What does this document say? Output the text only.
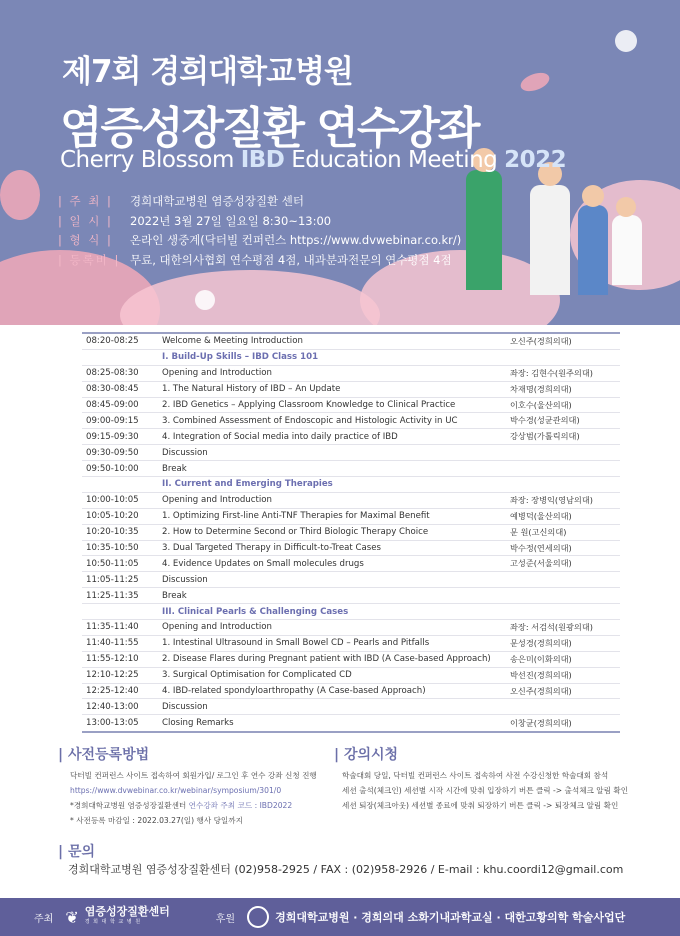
제7회 경희대학교병원
염증성장질환 연수강좌
Cherry Blossom IBD Education Meeting 2022
| 주 최 | 경희대학교병원 염증성장질환 센터
| 일 시 | 2022년 3월 27일 일요일 8:30~13:00
| 형 식 | 온라인 생중계(닥터빌 컨퍼런스 https://www.dvwebinar.co.kr/)
| 등록비 | 무료, 대한의사협회 연수평점 4점, 내과분과전문의 연수평점 4점
08:20-08:25	Welcome & Meeting Introduction	오신주(경희의대)
I. Build-Up Skills – IBD Class 101
08:25-08:30	Opening and Introduction	좌장: 김현수(원주의대)
08:30-08:45	1. The Natural History of IBD – An Update	차재명(경희의대)
08:45-09:00	2. IBD Genetics – Applying Classroom Knowledge to Clinical Practice	이호수(울산의대)
09:00-09:15	3. Combined Assessment of Endoscopic and Histologic Activity in UC	박수경(성균관의대)
09:15-09:30	4. Integration of Social media into daily practice of IBD	강상범(가톨릭의대)
09:30-09:50	Discussion
09:50-10:00	Break
II. Current and Emerging Therapies
10:00-10:05	Opening and Introduction	좌장: 장병익(영남의대)
10:05-10:20	1. Optimizing First-line Anti-TNF Therapies for Maximal Benefit	예병덕(울산의대)
10:20-10:35	2. How to Determine Second or Third Biologic Therapy Choice	문 원(고신의대)
10:35-10:50	3. Dual Targeted Therapy in Difficult-to-Treat Cases	박수정(연세의대)
10:50-11:05	4. Evidence Updates on Small molecules drugs	고성준(서울의대)
11:05-11:25	Discussion
11:25-11:35	Break
III. Clinical Pearls & Challenging Cases
11:35-11:40	Opening and Introduction	좌장: 서검석(원광의대)
11:40-11:55	1. Intestinal Ultrasound in Small Bowel CD – Pearls and Pitfalls	문성경(경희의대)
11:55-12:10	2. Disease Flares during Pregnant patient with IBD (A Case-based Approach)	송은미(이화의대)
12:10-12:25	3. Surgical Optimisation for Complicated CD	박선진(경희의대)
12:25-12:40	4. IBD-related spondyloarthropathy (A Case-based Approach)	오신주(경희의대)
12:40-13:00	Discussion
13:00-13:05	Closing Remarks	이창균(경희의대)
| 사전등록방법
닥터빌 컨퍼런스 사이트 접속하여 회원가입/ 로그인 후 연수 강좌 신청 진행
https://www.dvwebinar.co.kr/webinar/symposium/301/0
*경희대학교병원 염증성장질환센터 연수강좌 주최 코드 : IBD2022
* 사전등록 마감일 : 2022.03.27(일) 행사 당일까지
| 강의시청
학술대회 당일, 닥터빌 컨퍼런스 사이트 접속하여 사전 수강신청한 학술대회 참석
세션 출석(체크인) 세션별 시작 시간에 맞춰 입장하기 버튼 클릭 -> 출석체크 알림 확인
세션 퇴장(체크아웃) 세션별 종료에 맞춰 퇴장하기 버튼 클릭 -> 퇴장체크 알림 확인
| 문의
경희대학교병원 염증성장질환센터 (02)958-2925 / FAX : (02)958-2926 / E-mail : khu.coordi12@gmail.com
주최 ❦ 염증성장질환센터
경 희 대 학 교 병 원	후원	경희대학교병원 · 경희의대 소화기내과학교실 · 대한고황의학 학술사업단
